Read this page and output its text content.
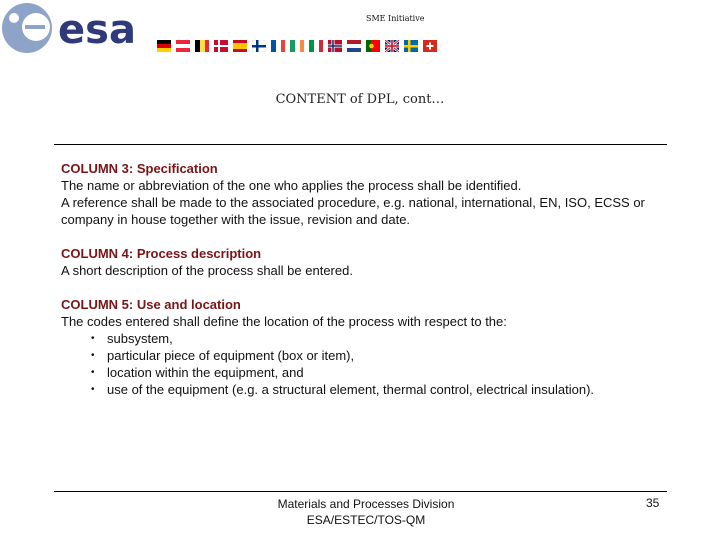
esa	SME Initiative
CONTENT of DPL, cont…
COLUMN 3: Specification
The name or abbreviation of the one who applies the process shall be identified.
A reference shall be made to the associated procedure, e.g. national, international, EN, ISO, ECSS or company in house together with the issue, revision and date.
COLUMN 4: Process description
A short description of the process shall be entered.
COLUMN 5: Use and location
The codes entered shall define the location of the process with respect to the:
• subsystem,
• particular piece of equipment (box or item),
• location within the equipment, and
• use of the equipment (e.g. a structural element, thermal control, electrical insulation).
Materials and Processes Division
ESA/ESTEC/TOS-QM
35
